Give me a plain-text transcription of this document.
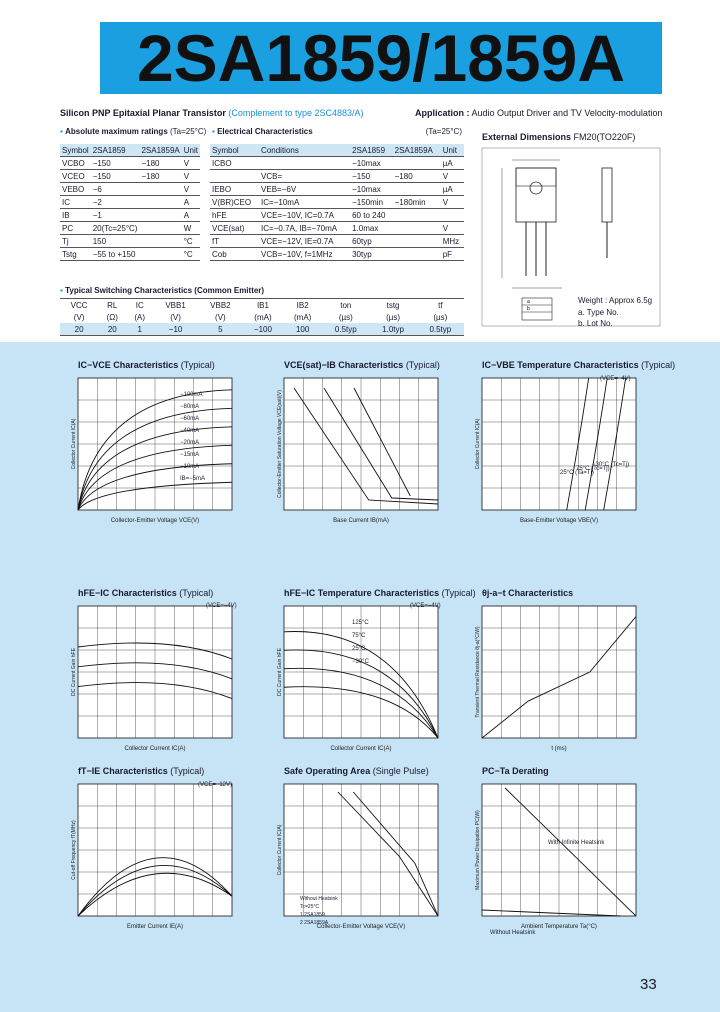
2SA1859/1859A
Silicon PNP Epitaxial Planar Transistor (Complement to type 2SC4883/A)	Application : Audio Output Driver and TV Velocity-modulation
▪ Absolute maximum ratings (Ta=25°C)
Symbol	2SA1859	2SA1859A	Unit
VCBO	−150	−180	V
VCEO	−150	−180	V
VEBO	−6		V
IC	−2		A
IB	−1		A
PC	20(Tc=25°C)		W
Tj	150		°C
Tstg	−55 to +150		°C
▪ Electrical Characteristics	(Ta=25°C)
Symbol	Conditions	2SA1859	2SA1859A	Unit
ICBO		−10max		µA
	VCB=	−150	−180	V
IEBO	VEB=−6V	−10max		µA
V(BR)CEO	IC=−10mA	−150min	−180min	V
hFE	VCE=−10V, IC=0.7A	60 to 240		
VCE(sat)	IC=−0.7A, IB=−70mA	1.0max		V
fT	VCE=−12V, IE=0.7A	60typ		MHz
Cob	VCB=−10V, f=1MHz	30typ		pF
▪ Typical Switching Characteristics (Common Emitter)
VCC	RL	IC	VBB1	VBB2	IB1	IB2	ton	tstg	tf
(V)	(Ω)	(A)	(V)	(V)	(mA)	(mA)	(µs)	(µs)	(µs)
20	20	1	−10	5	−100	100	0.5typ	1.0typ	0.5typ
External Dimensions FM20(TO220F)
a
b
Weight : Approx 6.5g
a. Type No.
b. Lot No.
IC−VCE Characteristics (Typical)
Collector-Emitter Voltage VCE(V)
Collector Current IC(A)
VCE(sat)−IB Characteristics (Typical)
Base Current IB(mA)
Collector-Emitter Saturation Voltage VCE(sat)(V)
IC−VBE Temperature Characteristics (Typical)
Base-Emitter Voltage VBE(V)
Collector Current IC(A)
hFE−IC Characteristics (Typical)
Collector Current IC(A)
DC Current Gain hFE
hFE−IC Temperature Characteristics (Typical)
Collector Current IC(A)
DC Current Gain hFE
θj-a−t Characteristics
t (ms)
Transient Thermal Resistance θj-a(°C/W)
fT−IE Characteristics (Typical)
Emitter Current IE(A)
Cut-off Frequency fT(MHz)
Safe Operating Area (Single Pulse)
Collector-Emitter Voltage VCE(V)
Collector Current IC(A)
PC−Ta Derating
Ambient Temperature Ta(°C)
Maximum Power Dissipation PC(W)
−100mA
−80mA
−60mA
−40mA
−20mA
−15mA
−10mA
IB=−5mA
25°C (Ta=Tj)
75°C (Tc=Tj)
−30°C (Tc=Tj)
(VCE=−4V)
(VCE=−4V)	(VCE=−4V)
125°C
75°C
25°C
−30°C
(VCE=−12V)
Without Heatsink
Tc=25°C
1 2SA1859
2 2SA1859A
With Infinite Heatsink
Without Heatsink
33
